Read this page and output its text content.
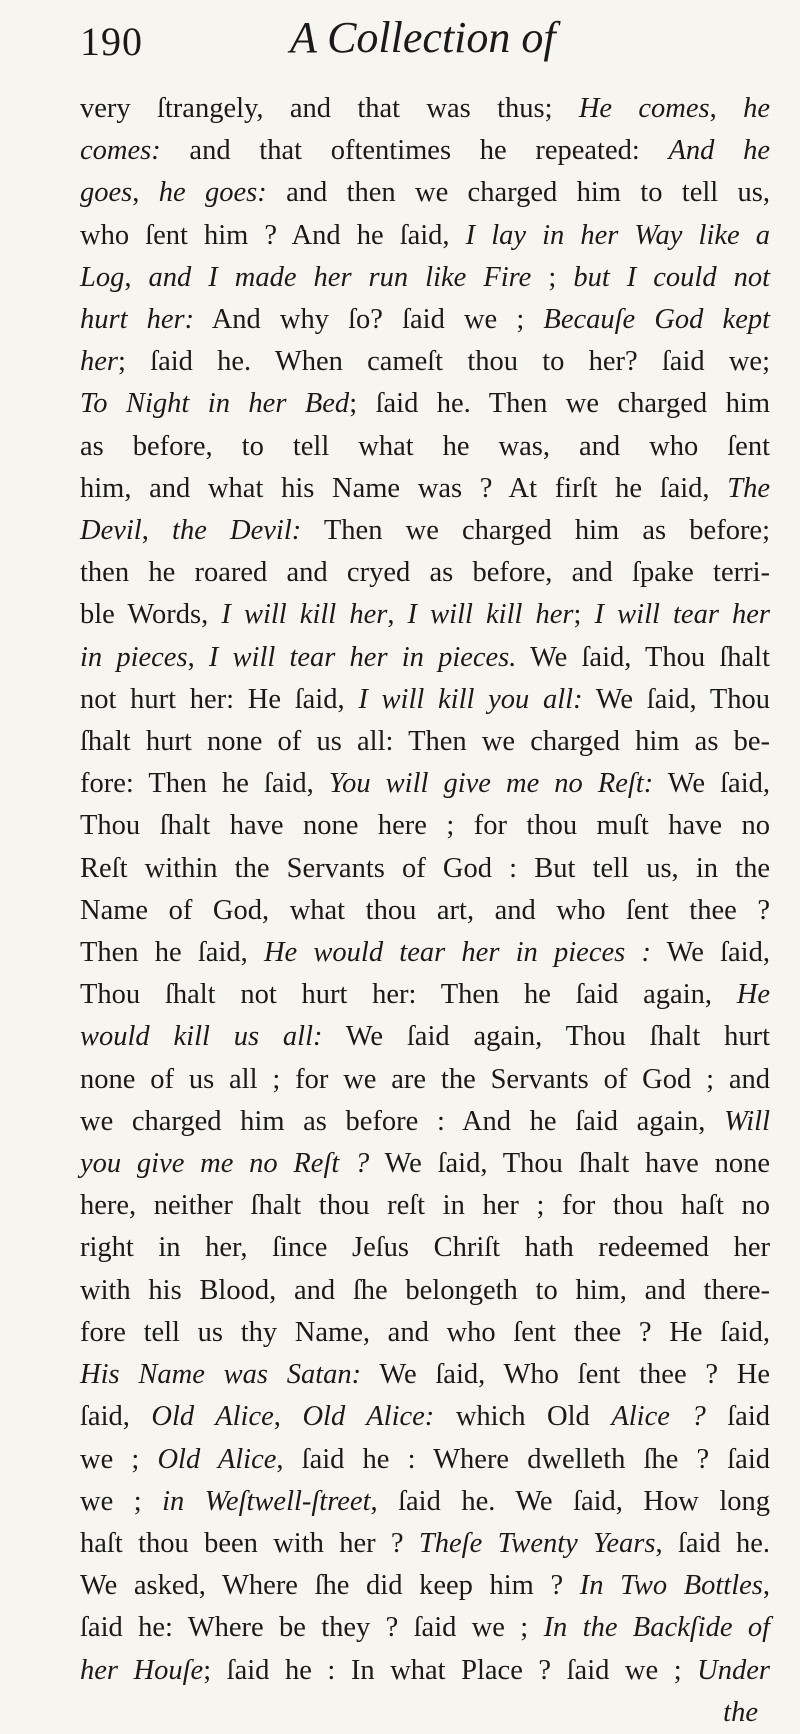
190	A Collection of
very ſtrangely, and that was thus; He comes, he
comes: and that oftentimes he repeated: And he
goes, he goes: and then we charged him to tell us,
who ſent him ? And he ſaid, I lay in her Way like a
Log, and I made her run like Fire ; but I could not
hurt her: And why ſo? ſaid we ; Becauſe God kept
her; ſaid he. When cameſt thou to her? ſaid we;
To Night in her Bed; ſaid he. Then we charged him
as before, to tell what he was, and who ſent
him, and what his Name was ? At firſt he ſaid, The
Devil, the Devil: Then we charged him as before;
then he roared and cryed as before, and ſpake terri-
ble Words, I will kill her, I will kill her; I will tear her
in pieces, I will tear her in pieces. We ſaid, Thou ſhalt
not hurt her: He ſaid, I will kill you all: We ſaid, Thou
ſhalt hurt none of us all: Then we charged him as be-
fore: Then he ſaid, You will give me no Reſt: We ſaid,
Thou ſhalt have none here ; for thou muſt have no
Reſt within the Servants of God : But tell us, in the
Name of God, what thou art, and who ſent thee ?
Then he ſaid, He would tear her in pieces : We ſaid,
Thou ſhalt not hurt her: Then he ſaid again, He
would kill us all: We ſaid again, Thou ſhalt hurt
none of us all ; for we are the Servants of God ; and
we charged him as before : And he ſaid again, Will
you give me no Reſt ? We ſaid, Thou ſhalt have none
here, neither ſhalt thou reſt in her ; for thou haſt no
right in her, ſince Jeſus Chriſt hath redeemed her
with his Blood, and ſhe belongeth to him, and there-
fore tell us thy Name, and who ſent thee ? He ſaid,
His Name was Satan: We ſaid, Who ſent thee ? He
ſaid, Old Alice, Old Alice: which Old Alice ? ſaid
we ; Old Alice, ſaid he : Where dwelleth ſhe ? ſaid
we ; in Weſtwell-ſtreet, ſaid he. We ſaid, How long
haſt thou been with her ? Theſe Twenty Years, ſaid he.
We asked, Where ſhe did keep him ? In Two Bottles,
ſaid he: Where be they ? ſaid we ; In the Backſide of
her Houſe; ſaid he : In what Place ? ſaid we ; Under
the
